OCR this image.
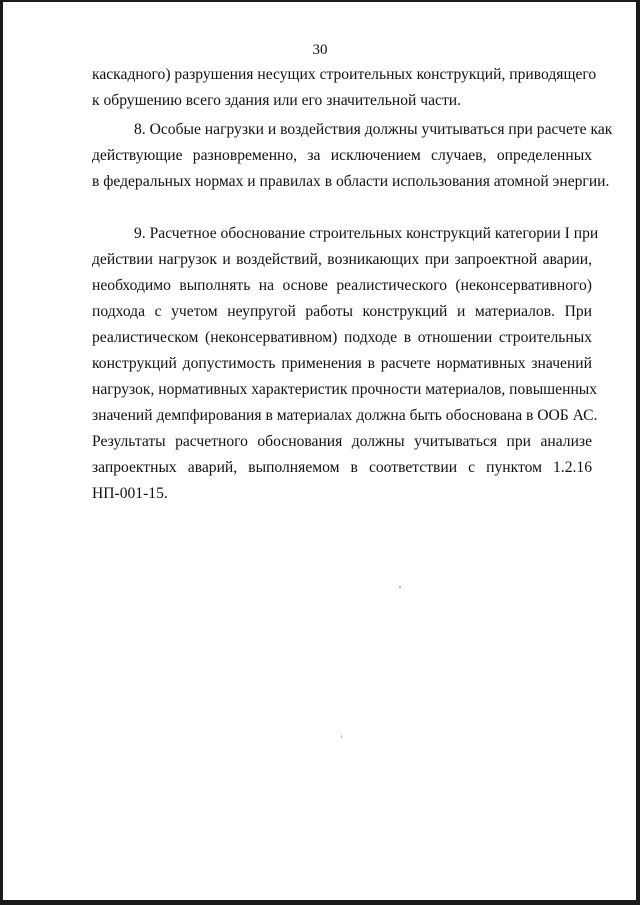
30
каскадного) разрушения несущих строительных конструкций, приводящего
к обрушению всего здания или его значительной части.
8. Особые нагрузки и воздействия должны учитываться при расчете как
действующие разновременно, за исключением случаев, определенных
в федеральных нормах и правилах в области использования атомной энергии.
9. Расчетное обоснование строительных конструкций категории I при
действии нагрузок и воздействий, возникающих при запроектной аварии,
необходимо выполнять на основе реалистического (неконсервативного)
подхода с учетом неупругой работы конструкций и материалов. При
реалистическом (неконсервативном) подходе в отношении строительных
конструкций допустимость применения в расчете нормативных значений
нагрузок, нормативных характеристик прочности материалов, повышенных
значений демпфирования в материалах должна быть обоснована в ООБ АС.
Результаты расчетного обоснования должны учитываться при анализе
запроектных аварий, выполняемом в соответствии с пунктом 1.2.16
НП-001-15.
